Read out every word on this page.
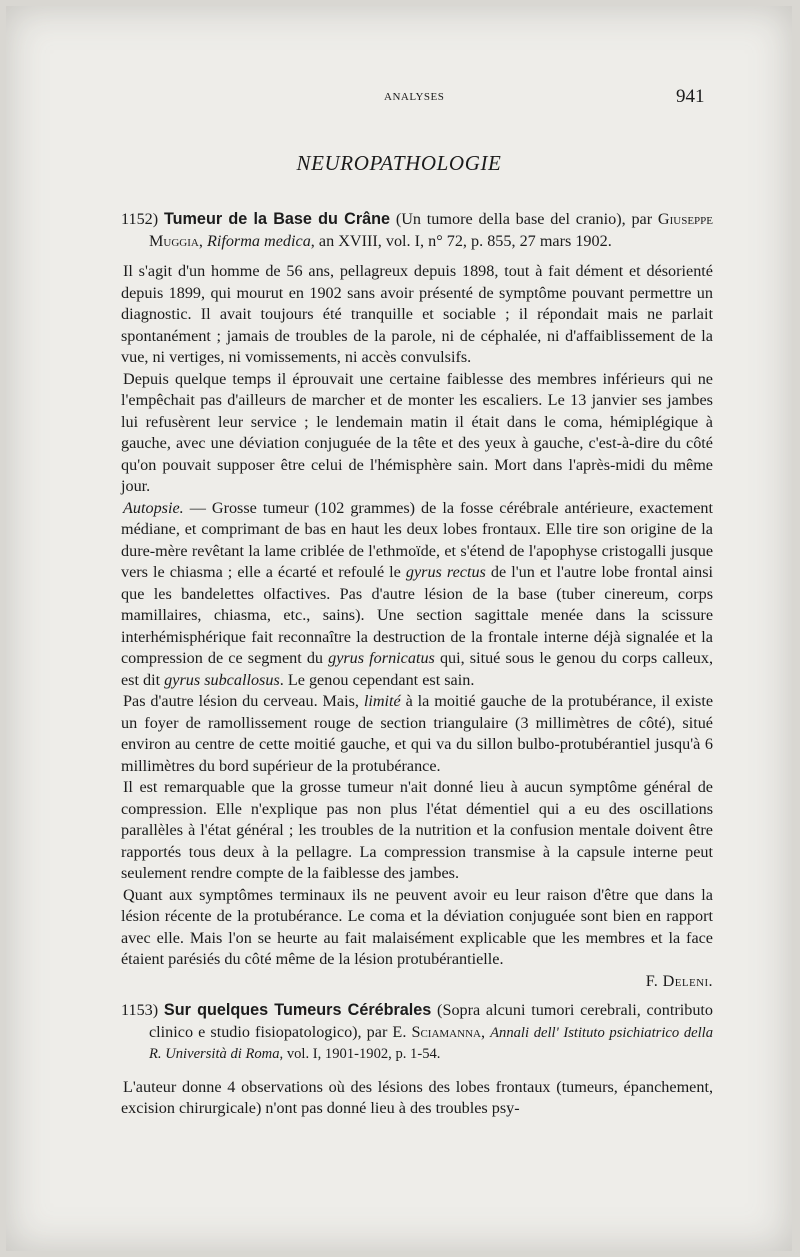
ANALYSES	941
NEUROPATHOLOGIE

1152) Tumeur de la Base du Crâne (Un tumore della base del cranio), par Giuseppe Muggia, Riforma medica, an XVIII, vol. I, n° 72, p. 855, 27 mars 1902.

Il s'agit d'un homme de 56 ans, pellagreux depuis 1898, tout à fait dément et désorienté depuis 1899, qui mourut en 1902 sans avoir présenté de symptôme pouvant permettre un diagnostic. Il avait toujours été tranquille et sociable ; il répondait mais ne parlait spontanément ; jamais de troubles de la parole, ni de céphalée, ni d'affaiblissement de la vue, ni vertiges, ni vomissements, ni accès convulsifs.

Depuis quelque temps il éprouvait une certaine faiblesse des membres inférieurs qui ne l'empêchait pas d'ailleurs de marcher et de monter les escaliers. Le 13 janvier ses jambes lui refusèrent leur service ; le lendemain matin il était dans le coma, hémiplégique à gauche, avec une déviation conjuguée de la tête et des yeux à gauche, c'est-à-dire du côté qu'on pouvait supposer être celui de l'hémisphère sain. Mort dans l'après-midi du même jour.

Autopsie. — Grosse tumeur (102 grammes) de la fosse cérébrale antérieure, exactement médiane, et comprimant de bas en haut les deux lobes frontaux. Elle tire son origine de la dure-mère revêtant la lame criblée de l'ethmoïde, et s'étend de l'apophyse cristogalli jusque vers le chiasma ; elle a écarté et refoulé le gyrus rectus de l'un et l'autre lobe frontal ainsi que les bandelettes olfactives. Pas d'autre lésion de la base (tuber cinereum, corps mamillaires, chiasma, etc., sains). Une section sagittale menée dans la scissure interhémisphérique fait reconnaître la destruction de la frontale interne déjà signalée et la compression de ce segment du gyrus fornicatus qui, situé sous le genou du corps calleux, est dit gyrus subcallosus. Le genou cependant est sain.

Pas d'autre lésion du cerveau. Mais, limité à la moitié gauche de la protubérance, il existe un foyer de ramollissement rouge de section triangulaire (3 millimètres de côté), situé environ au centre de cette moitié gauche, et qui va du sillon bulbo-protubérantiel jusqu'à 6 millimètres du bord supérieur de la protubérance.

Il est remarquable que la grosse tumeur n'ait donné lieu à aucun symptôme général de compression. Elle n'explique pas non plus l'état démentiel qui a eu des oscillations parallèles à l'état général ; les troubles de la nutrition et la confusion mentale doivent être rapportés tous deux à la pellagre. La compression transmise à la capsule interne peut seulement rendre compte de la faiblesse des jambes.

Quant aux symptômes terminaux ils ne peuvent avoir eu leur raison d'être que dans la lésion récente de la protubérance. Le coma et la déviation conjuguée sont bien en rapport avec elle. Mais l'on se heurte au fait malaisément explicable que les membres et la face étaient parésiés du côté même de la lésion protubérantielle.

F. Deleni.

1153) Sur quelques Tumeurs Cérébrales (Sopra alcuni tumori cerebrali, contributo clinico e studio fisiopatologico), par E. Sciamanna, Annali dell' Istituto psichiatrico della R. Università di Roma, vol. I, 1901-1902, p. 1-54.

L'auteur donne 4 observations où des lésions des lobes frontaux (tumeurs, épanchement, excision chirurgicale) n'ont pas donné lieu à des troubles psy-
